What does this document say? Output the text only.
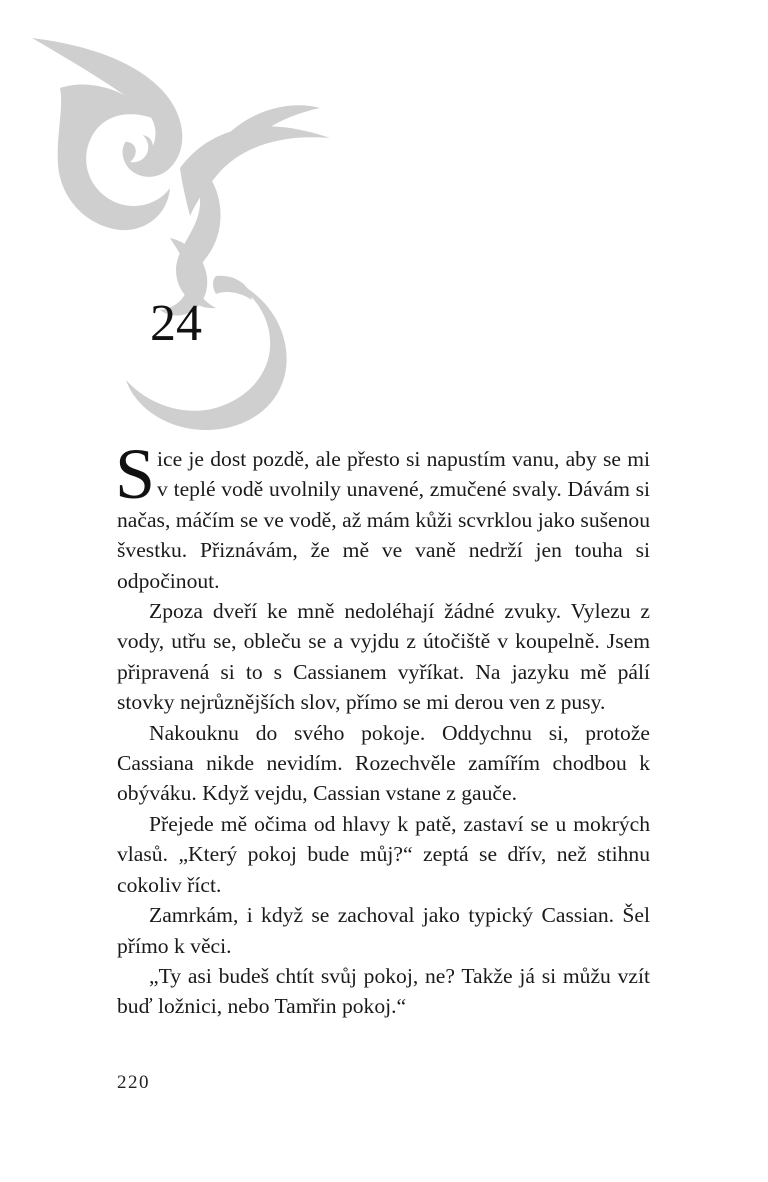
24

Sice je dost pozdě, ale přesto si napustím vanu, aby se mi v teplé vodě uvolnily unavené, zmučené svaly. Dávám si načas, máčím se ve vodě, až mám kůži scvrklou jako sušenou švestku. Přiznávám, že mě ve vaně nedrží jen touha si odpočinout.

Zpoza dveří ke mně nedoléhají žádné zvuky. Vylezu z vody, utřu se, obleču se a vyjdu z útočiště v koupelně. Jsem připravená si to s Cassianem vyříkat. Na jazyku mě pálí stovky nejrůznějších slov, přímo se mi derou ven z pusy.

Nakouknu do svého pokoje. Oddychnu si, protože Cassiana nikde nevidím. Rozechvěle zamířím chodbou k obýváku. Když vejdu, Cassian vstane z gauče.

Přejede mě očima od hlavy k patě, zastaví se u mokrých vlasů. „Který pokoj bude můj?“ zeptá se dřív, než stihnu cokoliv říct.

Zamrkám, i když se zachoval jako typický Cassian. Šel přímo k věci.

„Ty asi budeš chtít svůj pokoj, ne? Takže já si můžu vzít buď ložnici, nebo Tamřin pokoj.“

220
